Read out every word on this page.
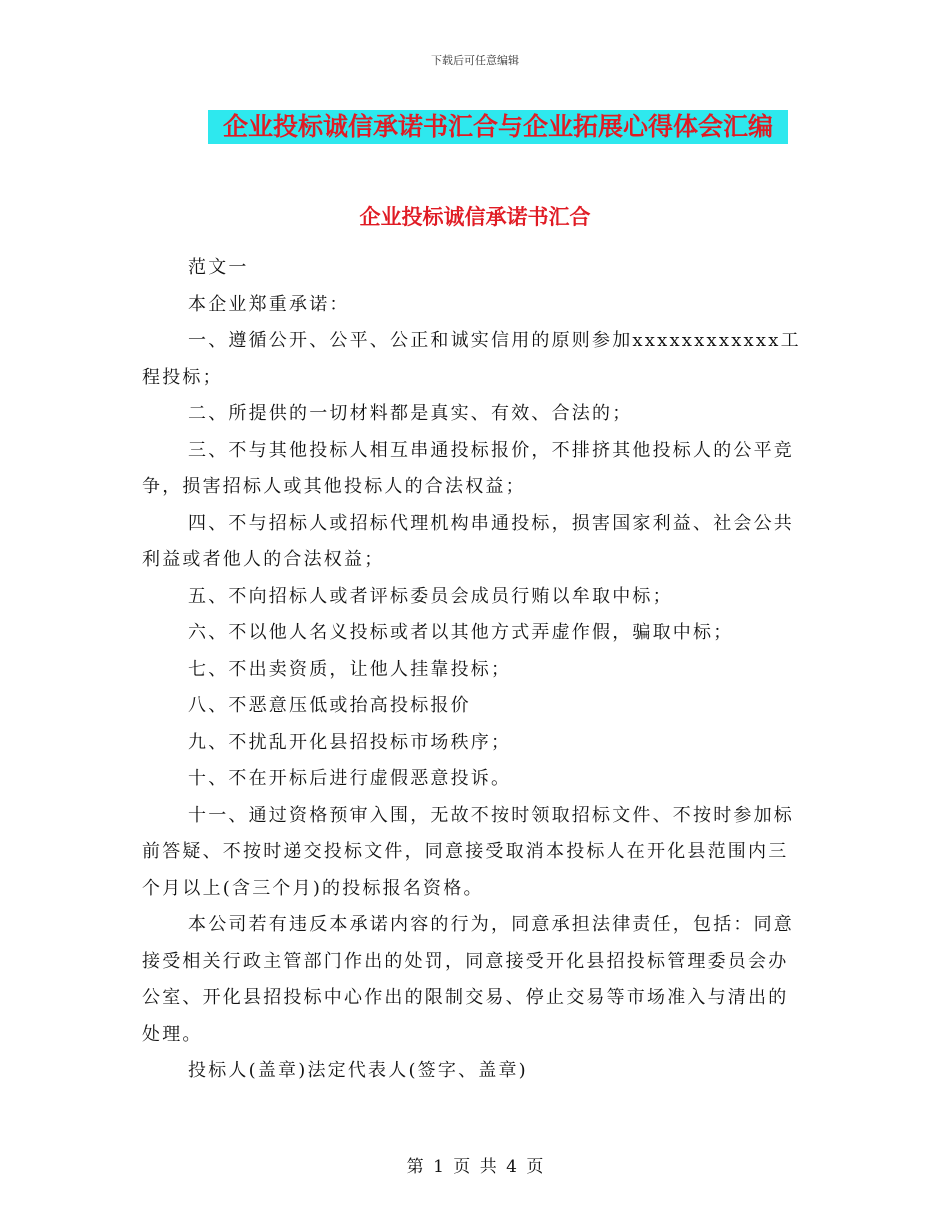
下载后可任意编辑
企业投标诚信承诺书汇合与企业拓展心得体会汇编
企业投标诚信承诺书汇合

范文一

本企业郑重承诺：

一、遵循公开、公平、公正和诚实信用的原则参加xxxxxxxxxxxx工程投标；

二、所提供的一切材料都是真实、有效、合法的；

三、不与其他投标人相互串通投标报价，不排挤其他投标人的公平竞争，损害招标人或其他投标人的合法权益；

四、不与招标人或招标代理机构串通投标，损害国家利益、社会公共利益或者他人的合法权益；

五、不向招标人或者评标委员会成员行贿以牟取中标；

六、不以他人名义投标或者以其他方式弄虚作假，骗取中标；

七、不出卖资质，让他人挂靠投标；

八、不恶意压低或抬高投标报价

九、不扰乱开化县招投标市场秩序；

十、不在开标后进行虚假恶意投诉。

十一、通过资格预审入围，无故不按时领取招标文件、不按时参加标前答疑、不按时递交投标文件，同意接受取消本投标人在开化县范围内三个月以上(含三个月)的投标报名资格。

本公司若有违反本承诺内容的行为，同意承担法律责任，包括：同意接受相关行政主管部门作出的处罚，同意接受开化县招投标管理委员会办公室、开化县招投标中心作出的限制交易、停止交易等市场准入与清出的处理。

投标人(盖章)法定代表人(签字、盖章)

第 1 页 共 4 页
